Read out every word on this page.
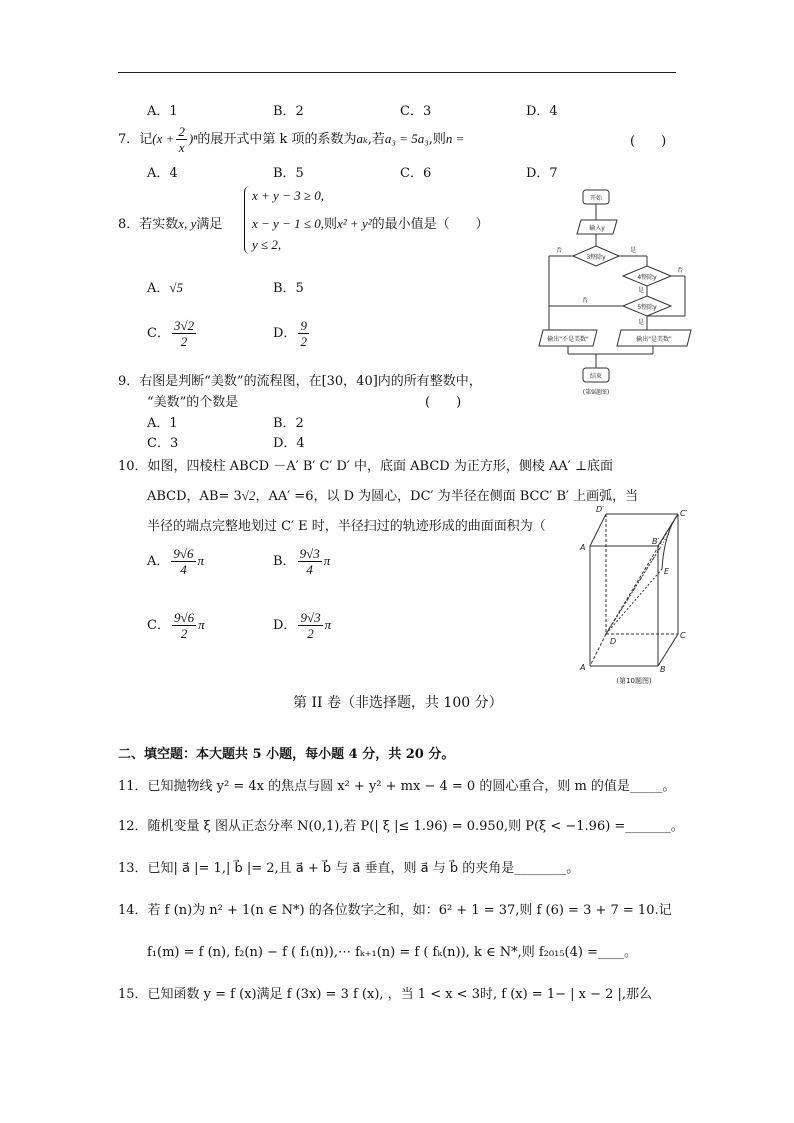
A．1	B．2	C．3	D．4
7．记$(x + \frac{2}{x} )^n$的展开式中第 k 项的系数为aₖ,若a₃ = 5a₃,则n =	(　　)
A．4	B．5	C．6	D．7
8．若实数x, y满足
x + y − 3 ≥ 0,
x − y − 1 ≤ 0,则x² + y²的最小值是（　　）
y ≤ 2,
A．√5	B．5
C． $\frac{3√2}{2}$	D． $\frac{9}{2}$
开始
输入y
3整除y
4整除y
5整除y
输出"不是美数"	输出"是美数"
结束
否	是
否
是
否
是
(第9题图)
9．右图是判断“美数”的流程图，在[30，40]内的所有整数中，
“美数”的个数是	(　　)
A．1	B．2
C．3	D．4
10．如图，四棱柱 ABCD －A′ B′ C′ D′ 中，底面 ABCD 为正方形，侧棱 AA′ ⊥底面
ABCD，AB= 3√2，AA′ =6，以 D 为圆心，DC′ 为半径在侧面 BCC′ B′ 上画弧，当
半径的端点完整地划过 C′ E 时，半径扫过的轨迹形成的曲面面积为（
A． $\frac{9√6}{4}$ π	B． $\frac{9√3}{4}$ π
C． $\frac{9√6}{2}$ π	D． $\frac{9√3}{2}$ π
D′	C′
A
B′
E
D
C
A	B
(第10题图)
第 II 卷（非选择题，共 100 分）
二、填空题：本大题共 5 小题，每小题 4 分，共 20 分。
11．已知抛物线 y² = 4x 的焦点与圆 x² + y² + mx − 4 = 0 的圆心重合，则 m 的值是_____。
12．随机变量 ξ 图从正态分率 N(0,1),若 P(| ξ |≤ 1.96) = 0.950,则 P(ξ < −1.96) =_______。
13．已知| a⃗ |= 1,| b⃗ |= 2,且 a⃗ + b⃗ 与 a⃗ 垂直，则 a⃗ 与 b⃗ 的夹角是________。
14．若 f (n)为 n² + 1(n ∈ N*) 的各位数字之和，如：6² + 1 = 37,则 f (6) = 3 + 7 = 10.记
f₁(m) = f (n), f₂(n) − f ( f₁(n)),⋯ fₖ₊₁(n) = f ( fₖ(n)), k ∈ N*,则 f₂₀₁₅(4) =____。
15．已知函数 y = f (x)满足 f (3x) = 3 f (x), ，当 1 < x < 3时, f (x) = 1− | x − 2 |,那么
